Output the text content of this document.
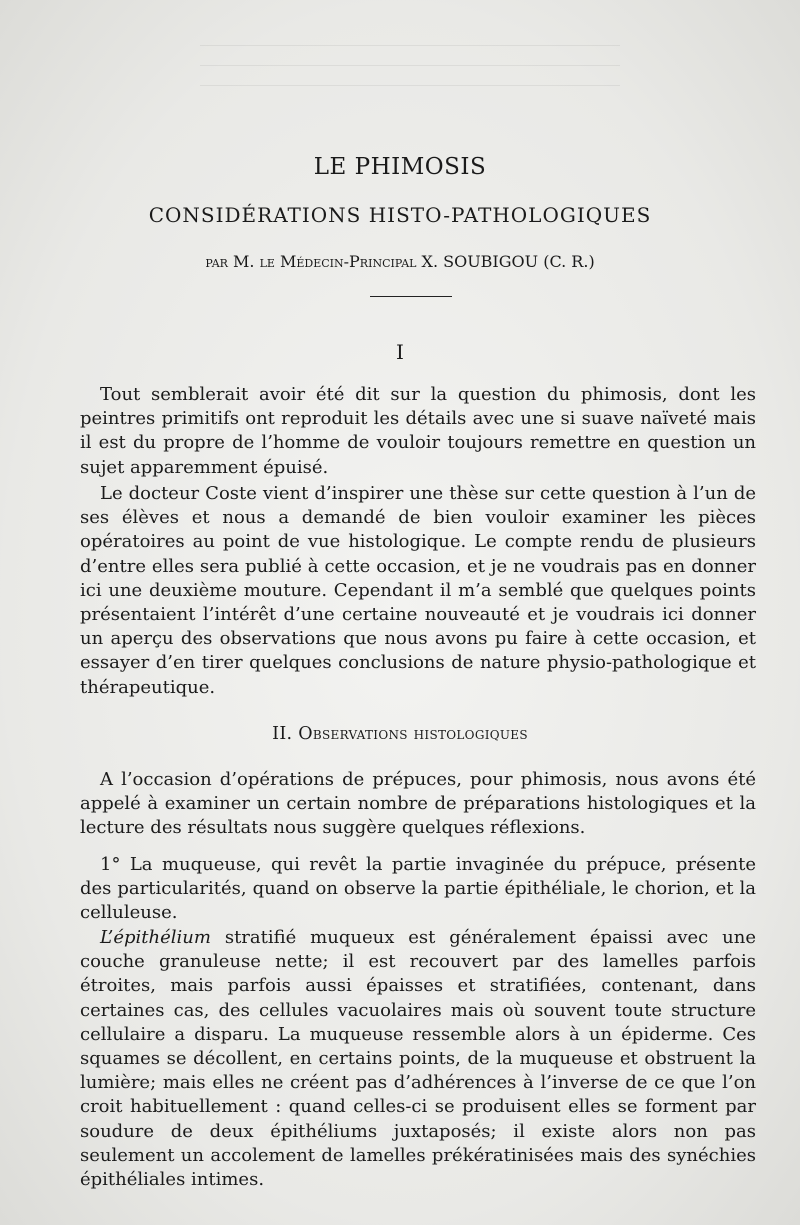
LE PHIMOSIS
CONSIDÉRATIONS HISTO-PATHOLOGIQUES

par M. le Médecin-Principal X. SOUBIGOU (C. R.)

I

Tout semblerait avoir été dit sur la question du phimosis, dont les peintres primitifs ont reproduit les détails avec une si suave naïveté mais il est du propre de l’homme de vouloir toujours remettre en question un sujet apparemment épuisé.

Le docteur Coste vient d’inspirer une thèse sur cette question à l’un de ses élèves et nous a demandé de bien vouloir examiner les pièces opératoires au point de vue histologique. Le compte rendu de plusieurs d’entre elles sera publié à cette occasion, et je ne voudrais pas en donner ici une deuxième mouture. Cependant il m’a semblé que quelques points présentaient l’intérêt d’une certaine nouveauté et je voudrais ici donner un aperçu des observations que nous avons pu faire à cette occasion, et essayer d’en tirer quelques conclusions de nature physio-pathologique et thérapeutique.

II. Observations histologiques

A l’occasion d’opérations de prépuces, pour phimosis, nous avons été appelé à examiner un certain nombre de préparations histologiques et la lecture des résultats nous suggère quelques réflexions.

1° La muqueuse, qui revêt la partie invaginée du prépuce, présente des particularités, quand on observe la partie épithéliale, le chorion, et la celluleuse.

L’épithélium stratifié muqueux est généralement épaissi avec une couche granuleuse nette; il est recouvert par des lamelles parfois étroites, mais parfois aussi épaisses et stratifiées, contenant, dans certaines cas, des cellules vacuolaires mais où souvent toute structure cellulaire a disparu. La muqueuse ressemble alors à un épiderme. Ces squames se décollent, en certains points, de la muqueuse et obstruent la lumière; mais elles ne créent pas d’adhérences à l’inverse de ce que l’on croit habituellement : quand celles-ci se produisent elles se forment par soudure de deux épithéliums juxtaposés; il existe alors non pas seulement un accolement de lamelles prékératinisées mais des synéchies épithéliales intimes.
